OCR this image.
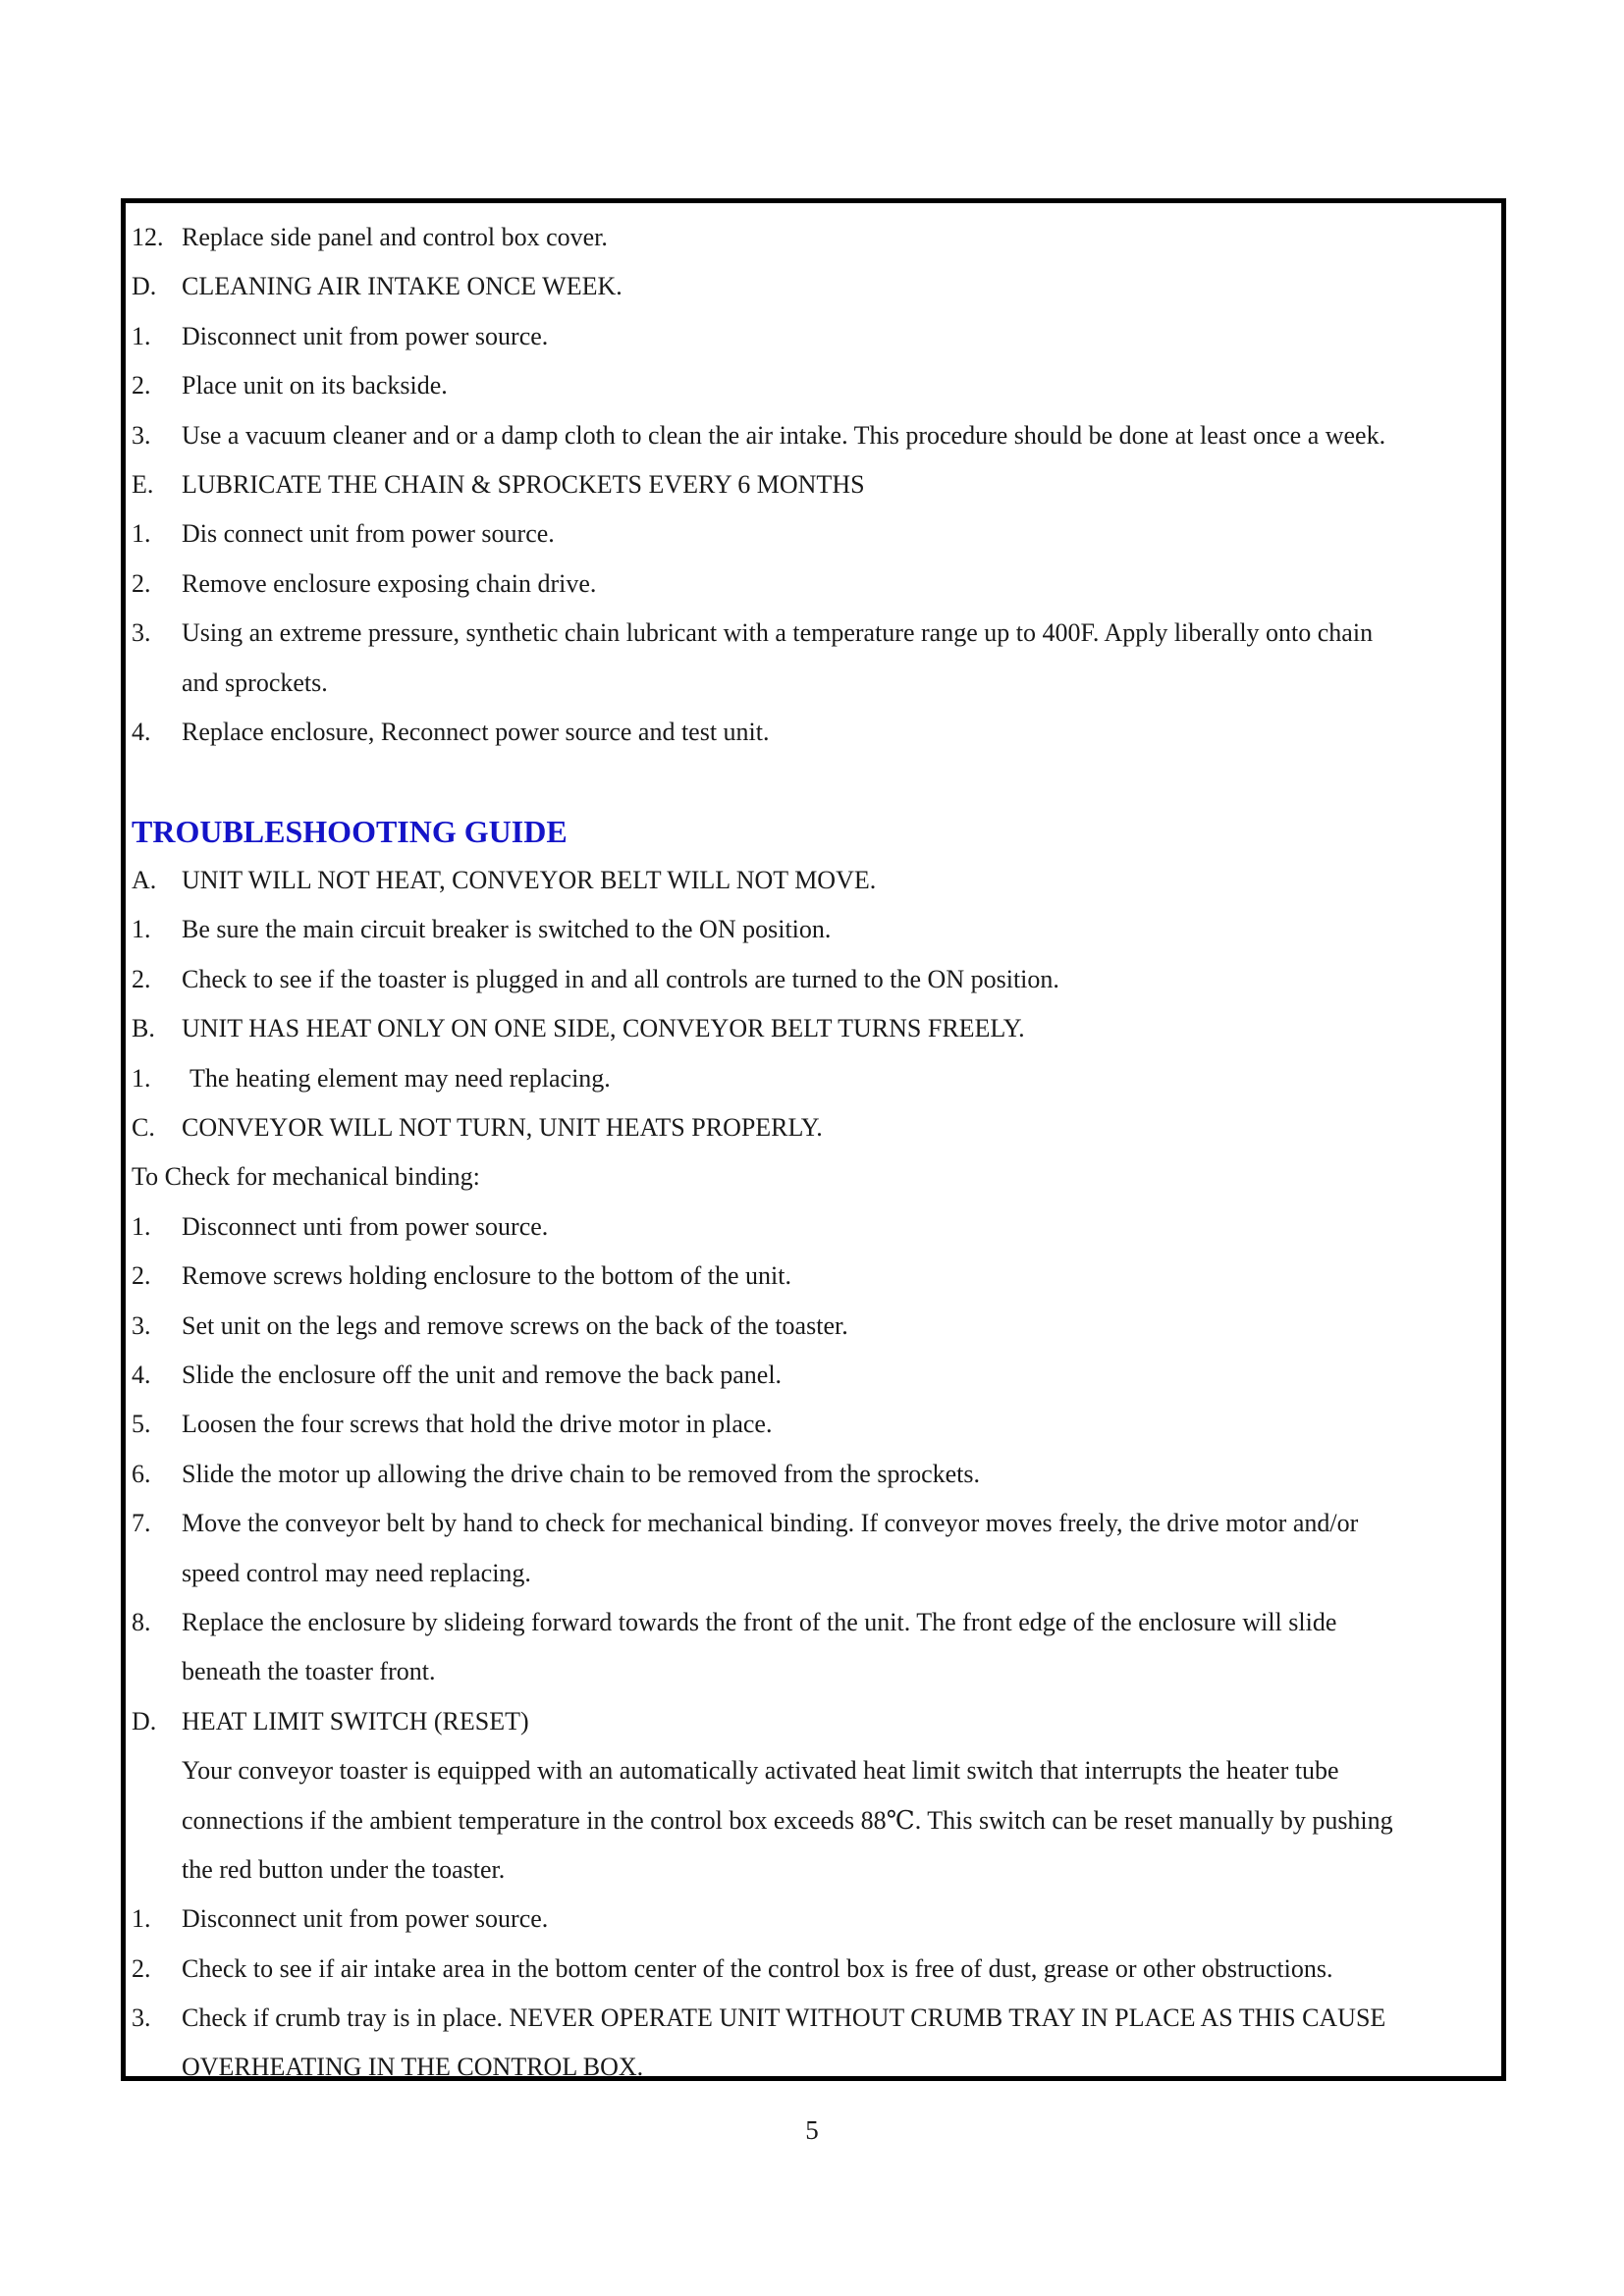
12. Replace side panel and control box cover.
D. CLEANING AIR INTAKE ONCE WEEK.
1. Disconnect unit from power source.
2. Place unit on its backside.
3. Use a vacuum cleaner and or a damp cloth to clean the air intake. This procedure should be done at least once a week.
E. LUBRICATE THE CHAIN & SPROCKETS EVERY 6 MONTHS
1. Dis connect unit from power source.
2. Remove enclosure exposing chain drive.
3. Using an extreme pressure, synthetic chain lubricant with a temperature range up to 400F. Apply liberally onto chain
and sprockets.
4. Replace enclosure, Reconnect power source and test unit.
TROUBLESHOOTING GUIDE
A. UNIT WILL NOT HEAT, CONVEYOR BELT WILL NOT MOVE.
1. Be sure the main circuit breaker is switched to the ON position.
2. Check to see if the toaster is plugged in and all controls are turned to the ON position.
B. UNIT HAS HEAT ONLY ON ONE SIDE, CONVEYOR BELT TURNS FREELY.
1. The heating element may need replacing.
C. CONVEYOR WILL NOT TURN, UNIT HEATS PROPERLY.
To Check for mechanical binding:
1. Disconnect unti from power source.
2. Remove screws holding enclosure to the bottom of the unit.
3. Set unit on the legs and remove screws on the back of the toaster.
4. Slide the enclosure off the unit and remove the back panel.
5. Loosen the four screws that hold the drive motor in place.
6. Slide the motor up allowing the drive chain to be removed from the sprockets.
7. Move the conveyor belt by hand to check for mechanical binding. If conveyor moves freely, the drive motor and/or
speed control may need replacing.
8. Replace the enclosure by slideing forward towards the front of the unit. The front edge of the enclosure will slide
beneath the toaster front.
D. HEAT LIMIT SWITCH (RESET)
Your conveyor toaster is equipped with an automatically activated heat limit switch that interrupts the heater tube
connections if the ambient temperature in the control box exceeds 88℃. This switch can be reset manually by pushing
the red button under the toaster.
1. Disconnect unit from power source.
2. Check to see if air intake area in the bottom center of the control box is free of dust, grease or other obstructions.
3. Check if crumb tray is in place. NEVER OPERATE UNIT WITHOUT CRUMB TRAY IN PLACE AS THIS CAUSE
OVERHEATING IN THE CONTROL BOX.
5
